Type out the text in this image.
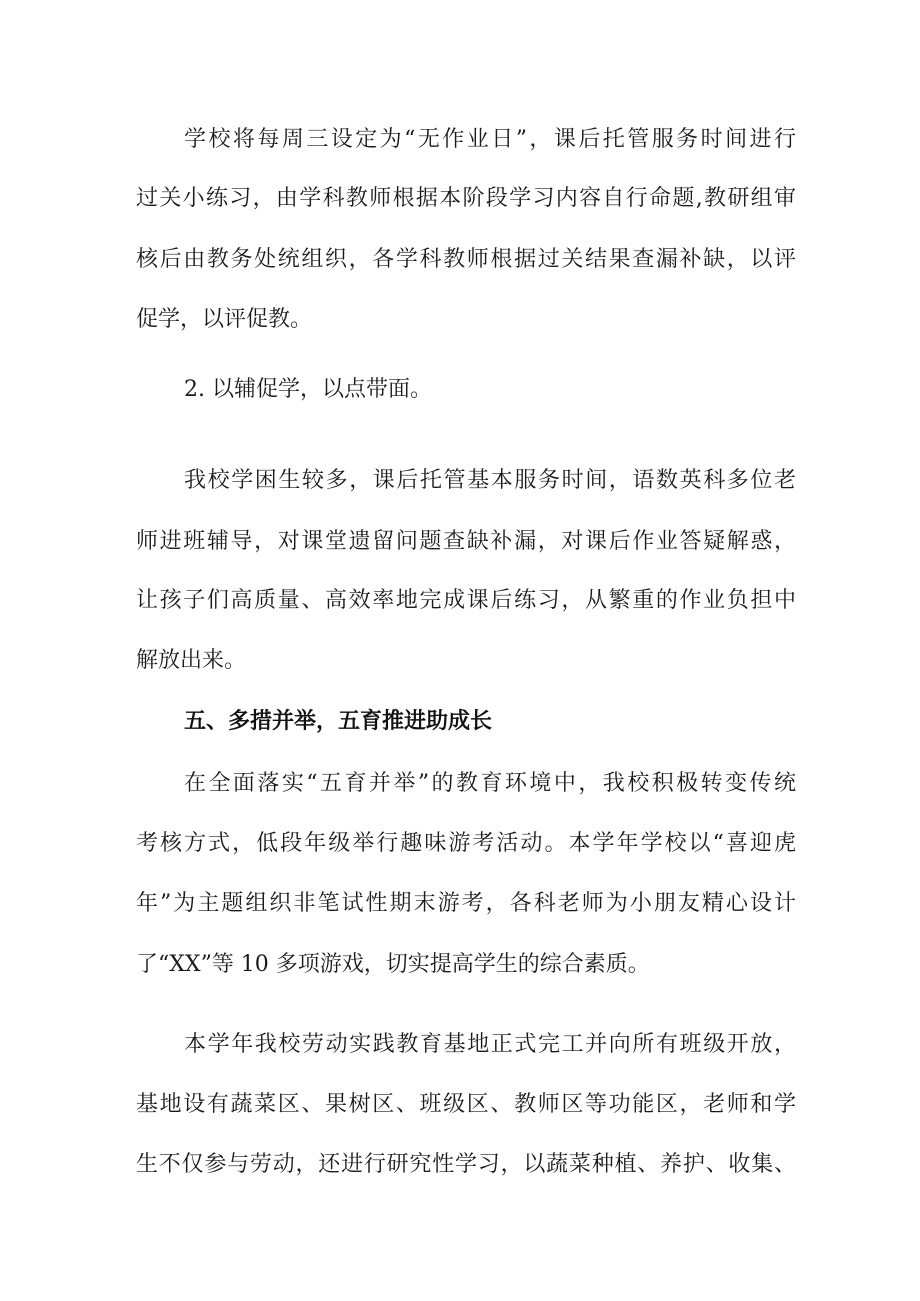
学校将每周三设定为“无作业日”，课后托管服务时间进行
过关小练习，由学科教师根据本阶段学习内容自行命题,教研组审
核后由教务处统组织，各学科教师根据过关结果查漏补缺，以评
促学，以评促教。
2. 以辅促学，以点带面。
我校学困生较多，课后托管基本服务时间，语数英科多位老
师进班辅导，对课堂遗留问题查缺补漏，对课后作业答疑解惑，
让孩子们高质量、高效率地完成课后练习，从繁重的作业负担中
解放出来。
五、多措并举，五育推进助成长
在全面落实“五育并举”的教育环境中，我校积极转变传统
考核方式，低段年级举行趣味游考活动。本学年学校以“喜迎虎
年”为主题组织非笔试性期末游考，各科老师为小朋友精心设计
了“XX”等 10 多项游戏，切实提高学生的综合素质。
本学年我校劳动实践教育基地正式完工并向所有班级开放，
基地设有蔬菜区、果树区、班级区、教师区等功能区，老师和学
生不仅参与劳动，还进行研究性学习，以蔬菜种植、养护、收集、
